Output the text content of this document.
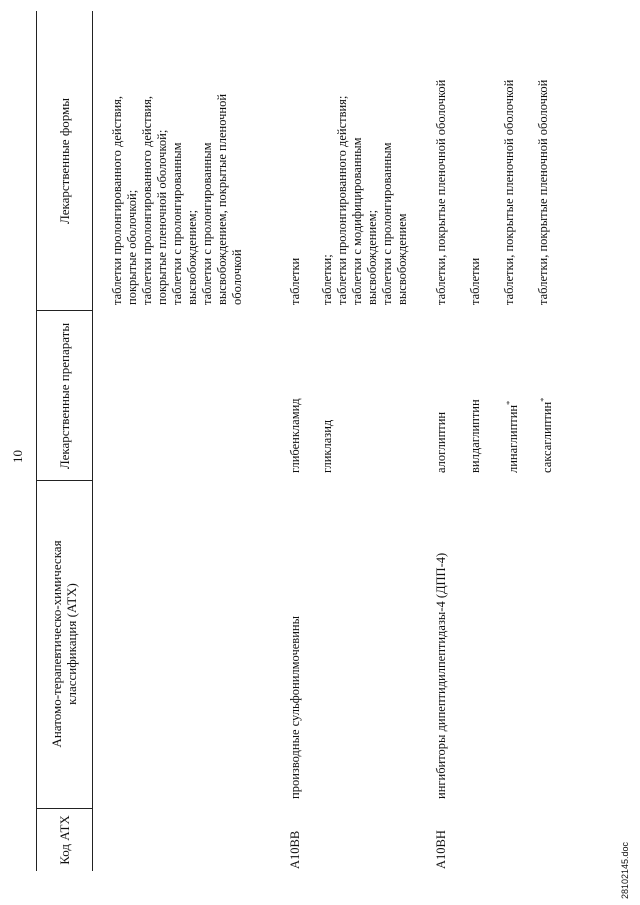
10
Код АТХ
Анатомо-терапевтическо-химическая классификация (АТХ)
Лекарственные препараты
Лекарственные формы	таблетки пролонгированного действия, покрытые оболочкой; таблетки пролонгированного действия, покрытые пленочной оболочкой; таблетки с пролонгированным высвобождением; таблетки с пролонгированным высвобождением, покрытые пленочной оболочкой
A10BB
производные сульфонилмочевины
глибенкламид
таблетки
гликлазид
таблетки; таблетки пролонгированного действия; таблетки с модифицированным высвобождением; таблетки с пролонгированным высвобождением
A10BH
ингибиторы дипептидилпептидазы-4 (ДПП-4)
алоглиптин
таблетки, покрытые пленочной оболочкой
вилдаглиптин
таблетки
линаглиптин*
таблетки, покрытые пленочной оболочкой
саксаглиптин*
таблетки, покрытые пленочной оболочкой
28102145.doc
